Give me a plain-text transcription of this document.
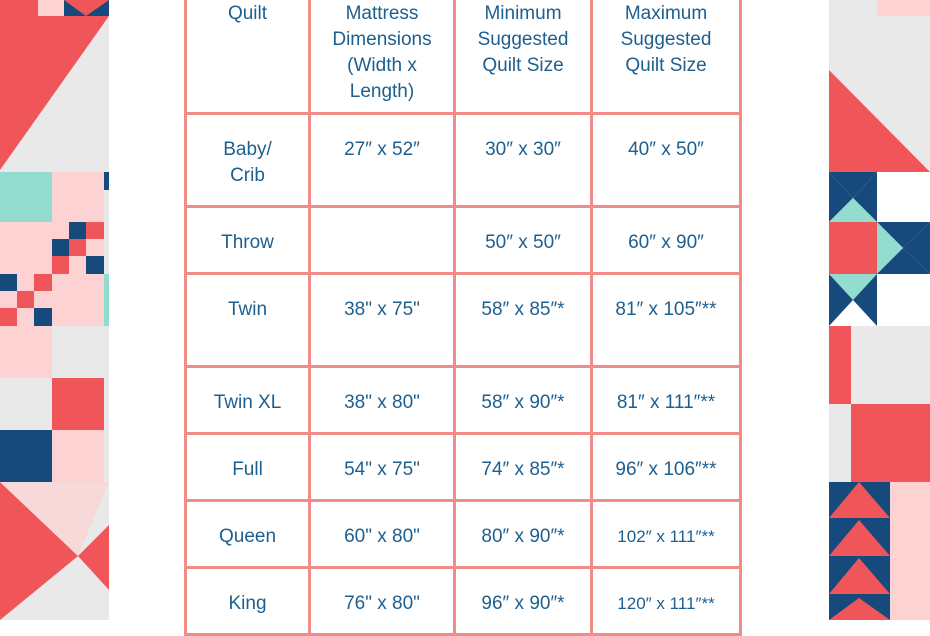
Quilt	Mattress Dimensions (Width x Length)	Minimum Suggested Quilt Size	Maximum Suggested Quilt Size

Baby/ Crib	27″ x 52″	30″ x 30″	40″ x 50″

Throw		50″ x 50″	60″ x 90″

Twin	38" x 75"	58″ x 85″*	81″ x 105″**

Twin XL	38" x 80"	58″ x 90″*	81″ x 111″**

Full	54" x 75"	74″ x 85″*	96″ x 106″**

Queen	60" x 80"	80″ x 90″*	102″ x 111″**

King	76" x 80"	96″ x 90″*	120″ x 111″**
